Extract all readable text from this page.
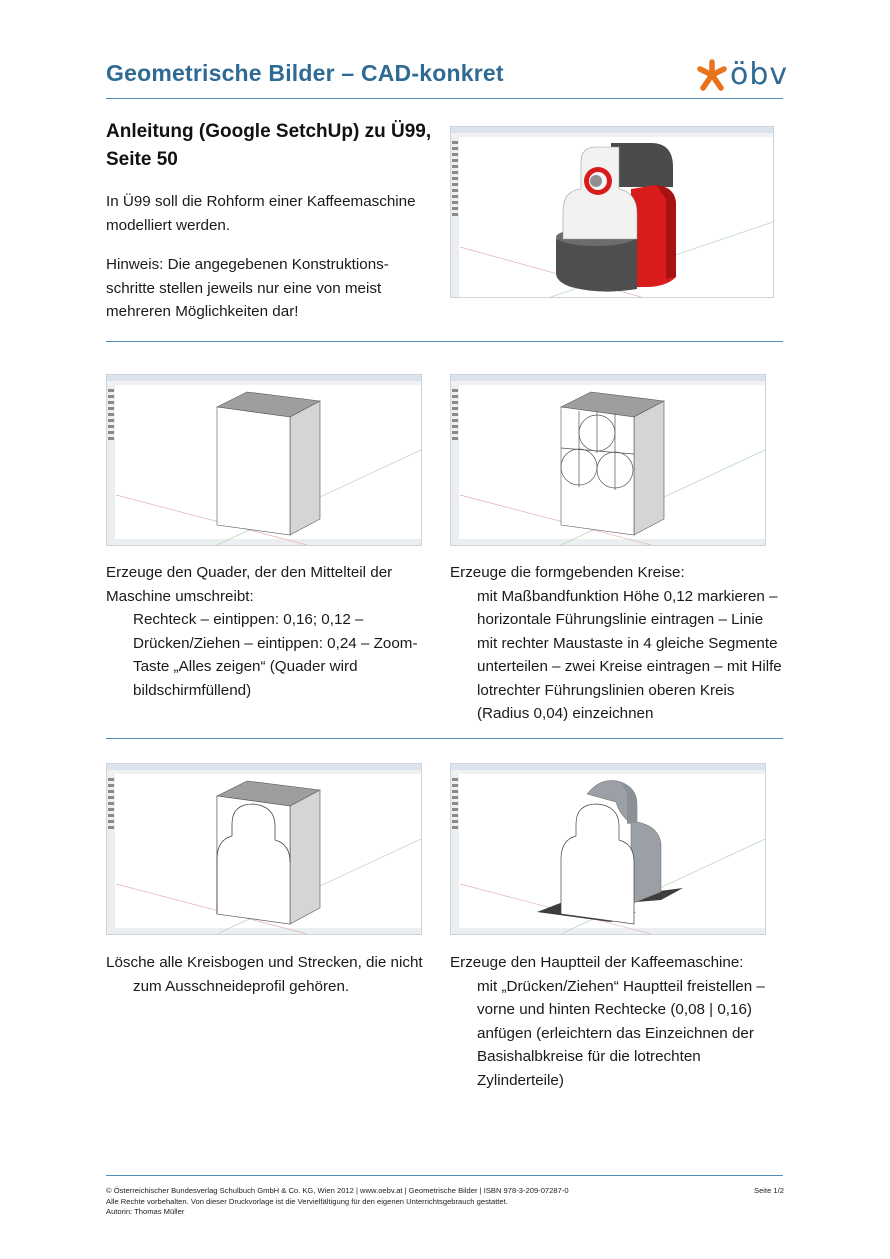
Geometrische Bilder – CAD-konkret	öbv
Anleitung (Google SetchUp) zu Ü99,
Seite 50
In Ü99 soll die Rohform einer Kaffeemaschine
modelliert werden.
Hinweis: Die angegebenen Konstruktions-
schritte stellen jeweils nur eine von meist
mehreren Möglichkeiten dar!
Erzeuge den Quader, der den Mittelteil der
Maschine umschreibt:
Rechteck – eintippen: 0,16; 0,12 –
Drücken/Ziehen – eintippen: 0,24 – Zoom-
Taste „Alles zeigen“ (Quader wird
bildschirmfüllend)
Erzeuge die formgebenden Kreise:
mit Maßbandfunktion Höhe 0,12 markieren –
horizontale Führungslinie eintragen – Linie
mit rechter Maustaste in 4 gleiche Segmente
unterteilen – zwei Kreise eintragen – mit Hilfe
lotrechter Führungslinien oberen Kreis
(Radius 0,04) einzeichnen
Lösche alle Kreisbogen und Strecken, die nicht
zum Ausschneideprofil gehören.
Erzeuge den Hauptteil der Kaffeemaschine:
mit „Drücken/Ziehen“ Hauptteil freistellen –
vorne und hinten Rechtecke (0,08 | 0,16)
anfügen (erleichtern das Einzeichnen der
Basishalbkreise für die lotrechten
Zylinderteile)
© Österreichischer Bundesverlag Schulbuch GmbH & Co. KG, Wien 2012 | www.oebv.at | Geometrische Bilder | ISBN 978-3-209-07287-0
Alle Rechte vorbehalten. Von dieser Druckvorlage ist die Vervielfältigung für den eigenen Unterrichtsgebrauch gestattet.
Autorin: Thomas Müller
Seite 1/2
